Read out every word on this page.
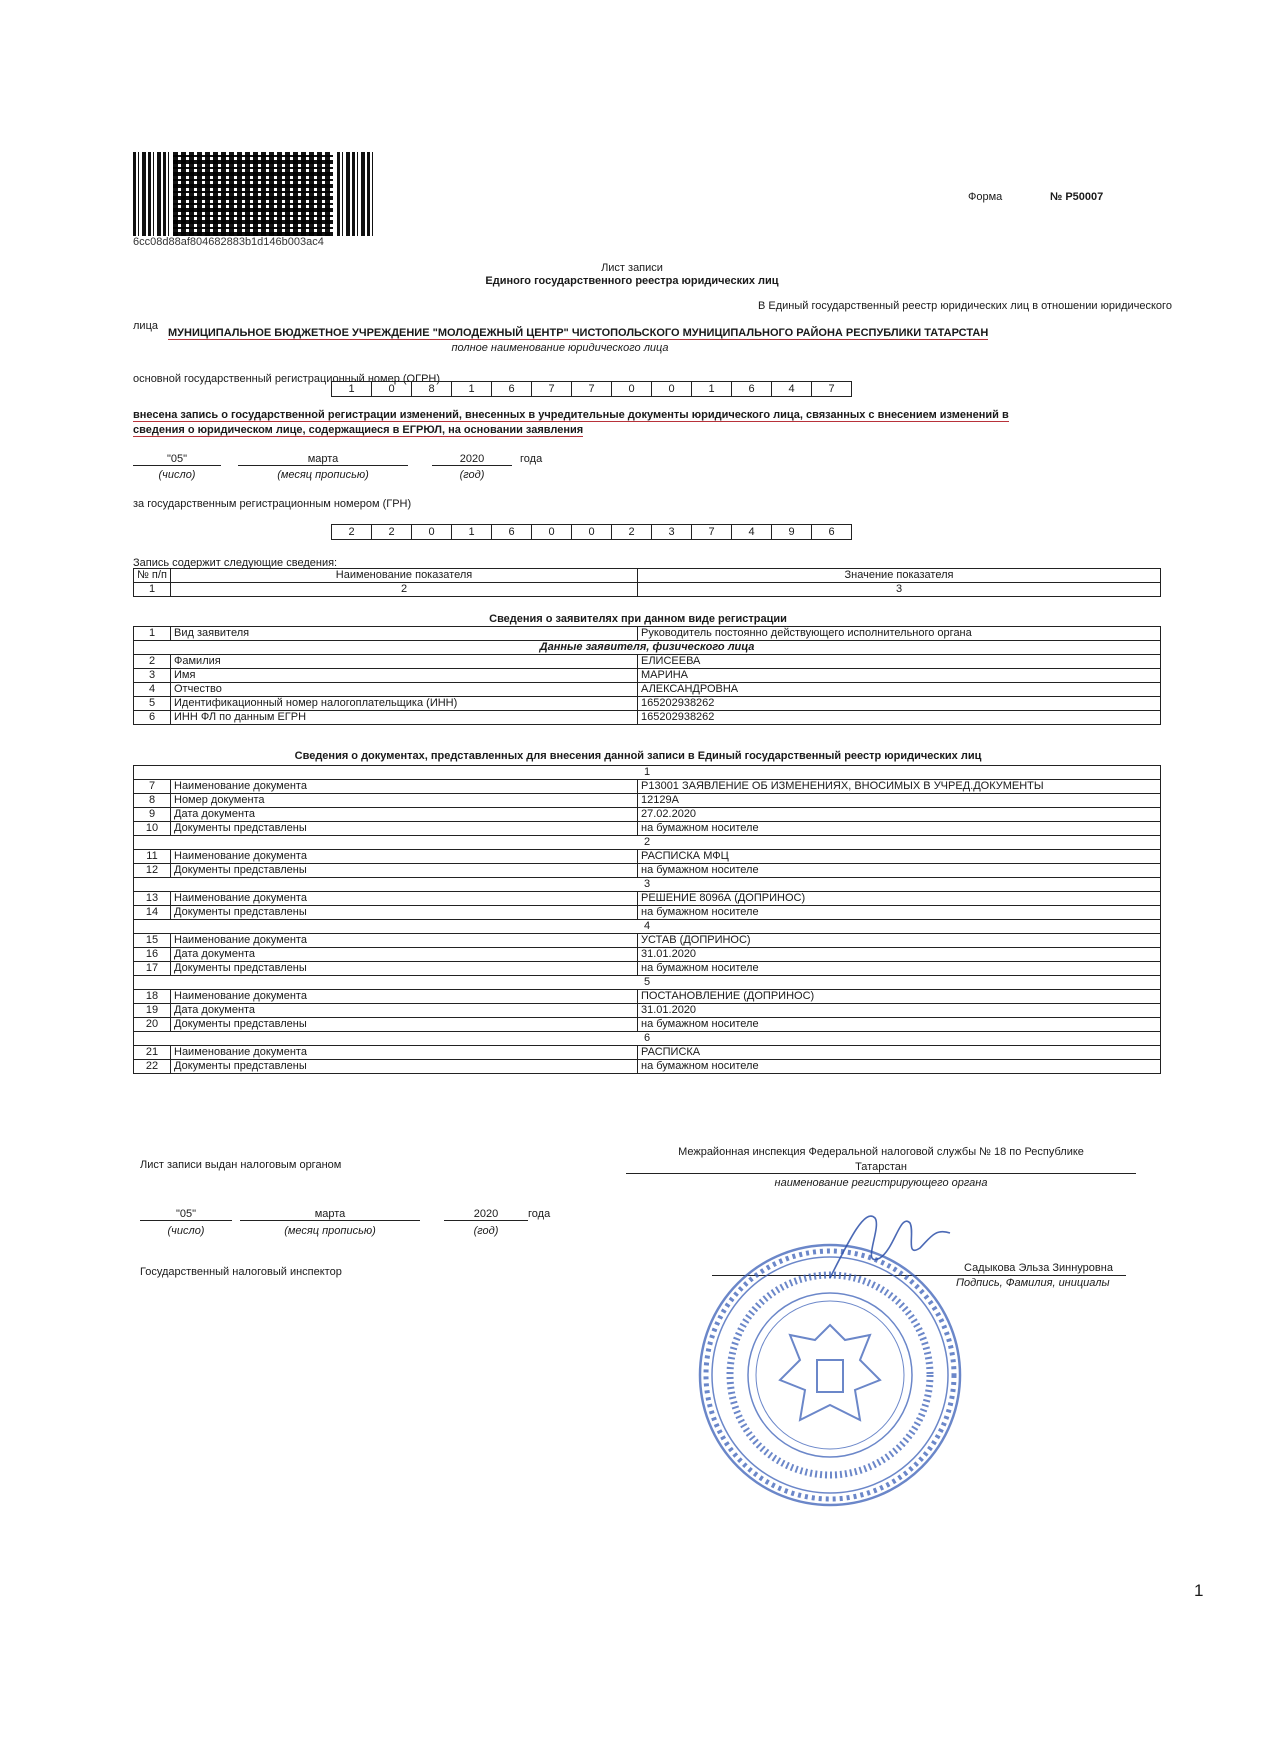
6cc08d88af804682883b1d146b003ac4
Форма	№ Р50007
Лист записи
Единого государственного реестра юридических лиц
В Единый государственный реестр юридических лиц в отношении юридического
лица
МУНИЦИПАЛЬНОЕ БЮДЖЕТНОЕ УЧРЕЖДЕНИЕ "МОЛОДЕЖНЫЙ ЦЕНТР" ЧИСТОПОЛЬСКОГО МУНИЦИПАЛЬНОГО РАЙОНА РЕСПУБЛИКИ ТАТАРСТАН
полное наименование юридического лица
основной государственный регистрационный номер (ОГРН)
1	0	8	1	6	7	7	0	0	1	6	4	7
внесена запись о государственной регистрации изменений, внесенных в учредительные документы юридического лица, связанных с внесением изменений в
сведения о юридическом лице, содержащиеся в ЕГРЮЛ, на основании заявления
"05"	марта	2020	года
(число)	(месяц прописью)	(год)
за государственным регистрационным номером (ГРН)
2	2	0	1	6	0	0	2	3	7	4	9	6
Запись содержит следующие сведения:
№ п/п	Наименование показателя	Значение показателя
1	2	3
Сведения о заявителях при данном виде регистрации
1	Вид заявителя	Руководитель постоянно действующего исполнительного органа
Данные заявителя, физического лица		
2	Фамилия	ЕЛИСЕЕВА
3	Имя	МАРИНА
4	Отчество	АЛЕКСАНДРОВНА
5	Идентификационный номер налогоплательщика (ИНН)	165202938262
6	ИНН ФЛ по данным ЕГРН	165202938262
Сведения о документах, представленных для внесения данной записи в Единый государственный реестр юридических лиц
1		
7	Наименование документа	Р13001 ЗАЯВЛЕНИЕ ОБ ИЗМЕНЕНИЯХ, ВНОСИМЫХ В УЧРЕД.ДОКУМЕНТЫ
8	Номер документа	12129А
9	Дата документа	27.02.2020
10	Документы представлены	на бумажном носителе
2		
11	Наименование документа	РАСПИСКА МФЦ
12	Документы представлены	на бумажном носителе
3		
13	Наименование документа	РЕШЕНИЕ 8096А (ДОПРИНОС)
14	Документы представлены	на бумажном носителе
4		
15	Наименование документа	УСТАВ (ДОПРИНОС)
16	Дата документа	31.01.2020
17	Документы представлены	на бумажном носителе
5		
18	Наименование документа	ПОСТАНОВЛЕНИЕ (ДОПРИНОС)
19	Дата документа	31.01.2020
20	Документы представлены	на бумажном носителе
6		
21	Наименование документа	РАСПИСКА
22	Документы представлены	на бумажном носителе
Лист записи выдан налоговым органом
Межрайонная инспекция Федеральной налоговой службы № 18 по Республике
Татарстан
наименование регистрирующего органа
"05"	марта	2020	года
(число)	(месяц прописью)	(год)
Государственный налоговый инспектор	Садыкова Эльза Зиннуровна
Подпись, Фамилия, инициалы
1
